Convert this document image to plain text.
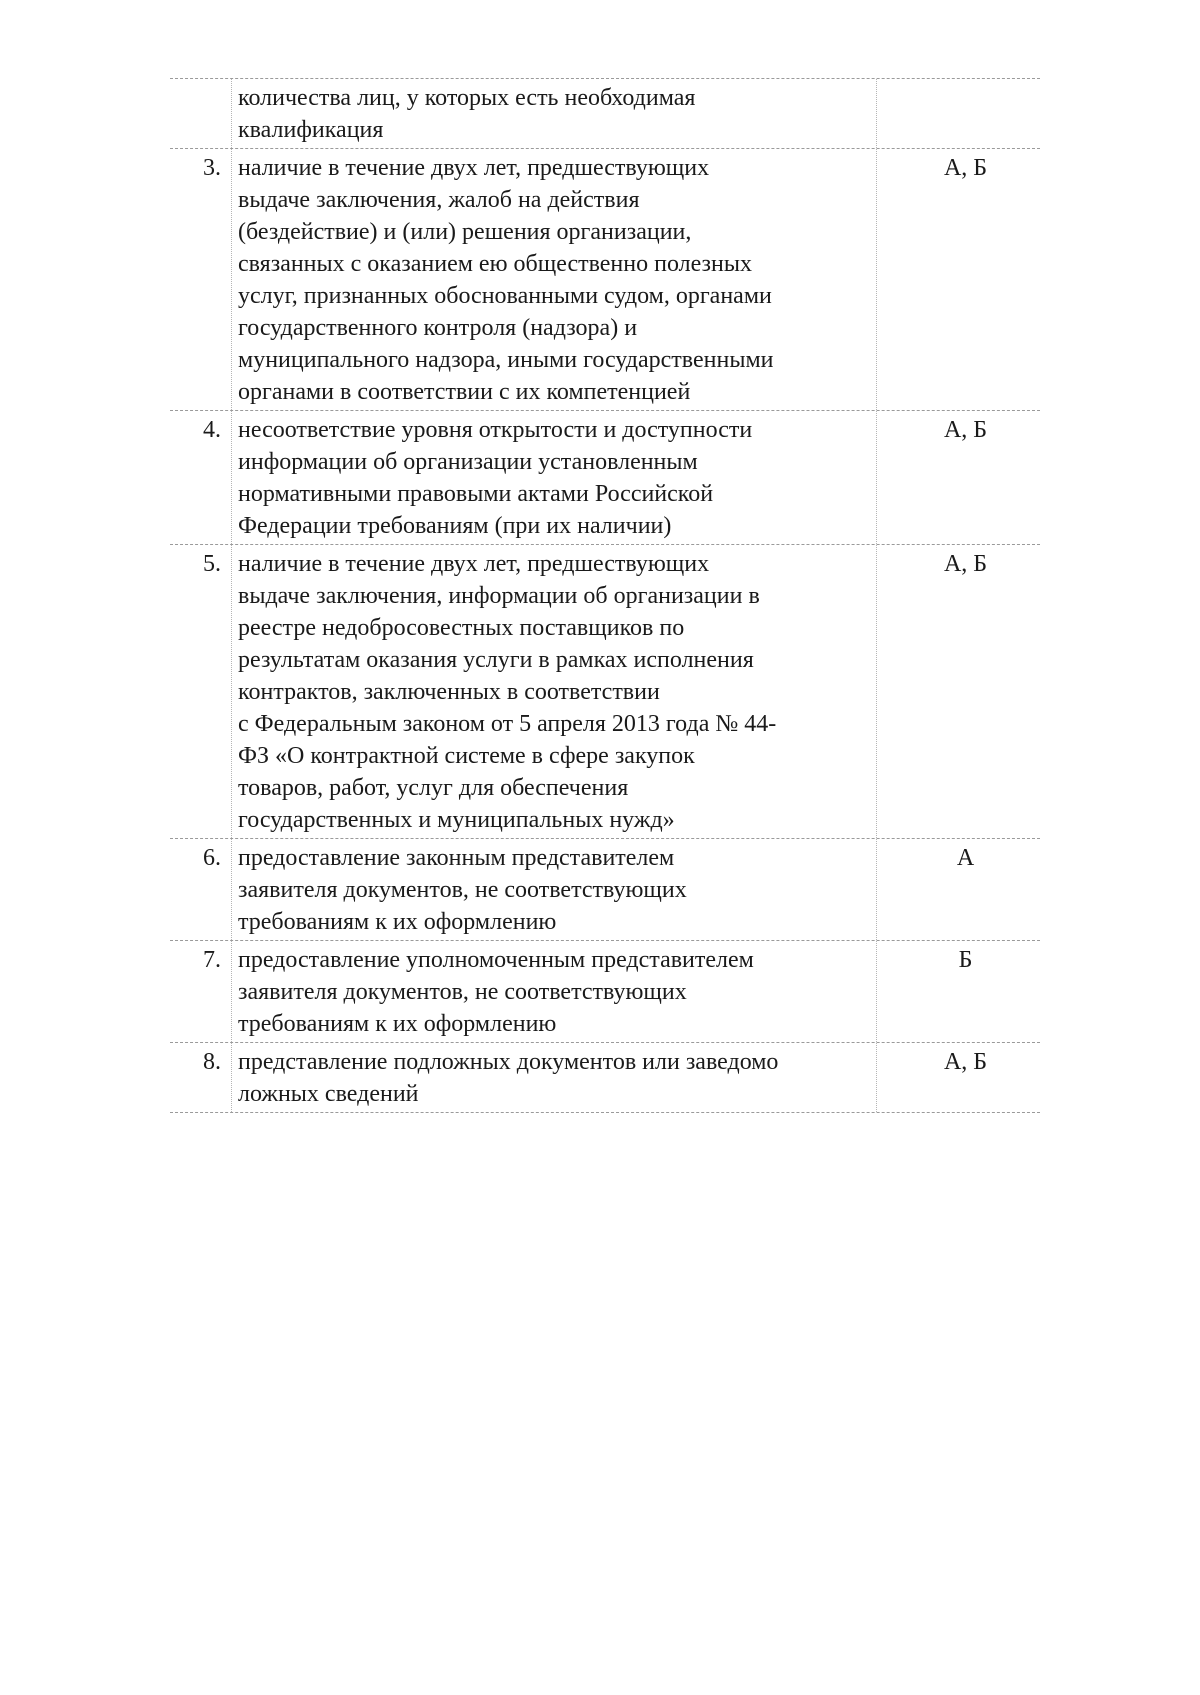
количества лиц, у которых есть необходимая
квалификация
3. наличие в течение двух лет, предшествующих
выдаче заключения, жалоб на действия
(бездействие) и (или) решения организации,
связанных с оказанием ею общественно полезных
услуг, признанных обоснованными судом, органами
государственного контроля (надзора) и
муниципального надзора, иными государственными
органами в соответствии с их компетенцией
А, Б
4. несоответствие уровня открытости и доступности
информации об организации установленным
нормативными правовыми актами Российской
Федерации требованиям (при их наличии)
А, Б
5. наличие в течение двух лет, предшествующих
выдаче заключения, информации об организации в
реестре недобросовестных поставщиков по
результатам оказания услуги в рамках исполнения
контрактов, заключенных в соответствии
с Федеральным законом от 5 апреля 2013 года № 44-
ФЗ «О контрактной системе в сфере закупок
товаров, работ, услуг для обеспечения
государственных и муниципальных нужд»
А, Б
6. предоставление законным представителем
заявителя документов, не соответствующих
требованиям к их оформлению
А
7. предоставление уполномоченным представителем
заявителя документов, не соответствующих
требованиям к их оформлению
Б
8. представление подложных документов или заведомо
ложных сведений
А, Б
